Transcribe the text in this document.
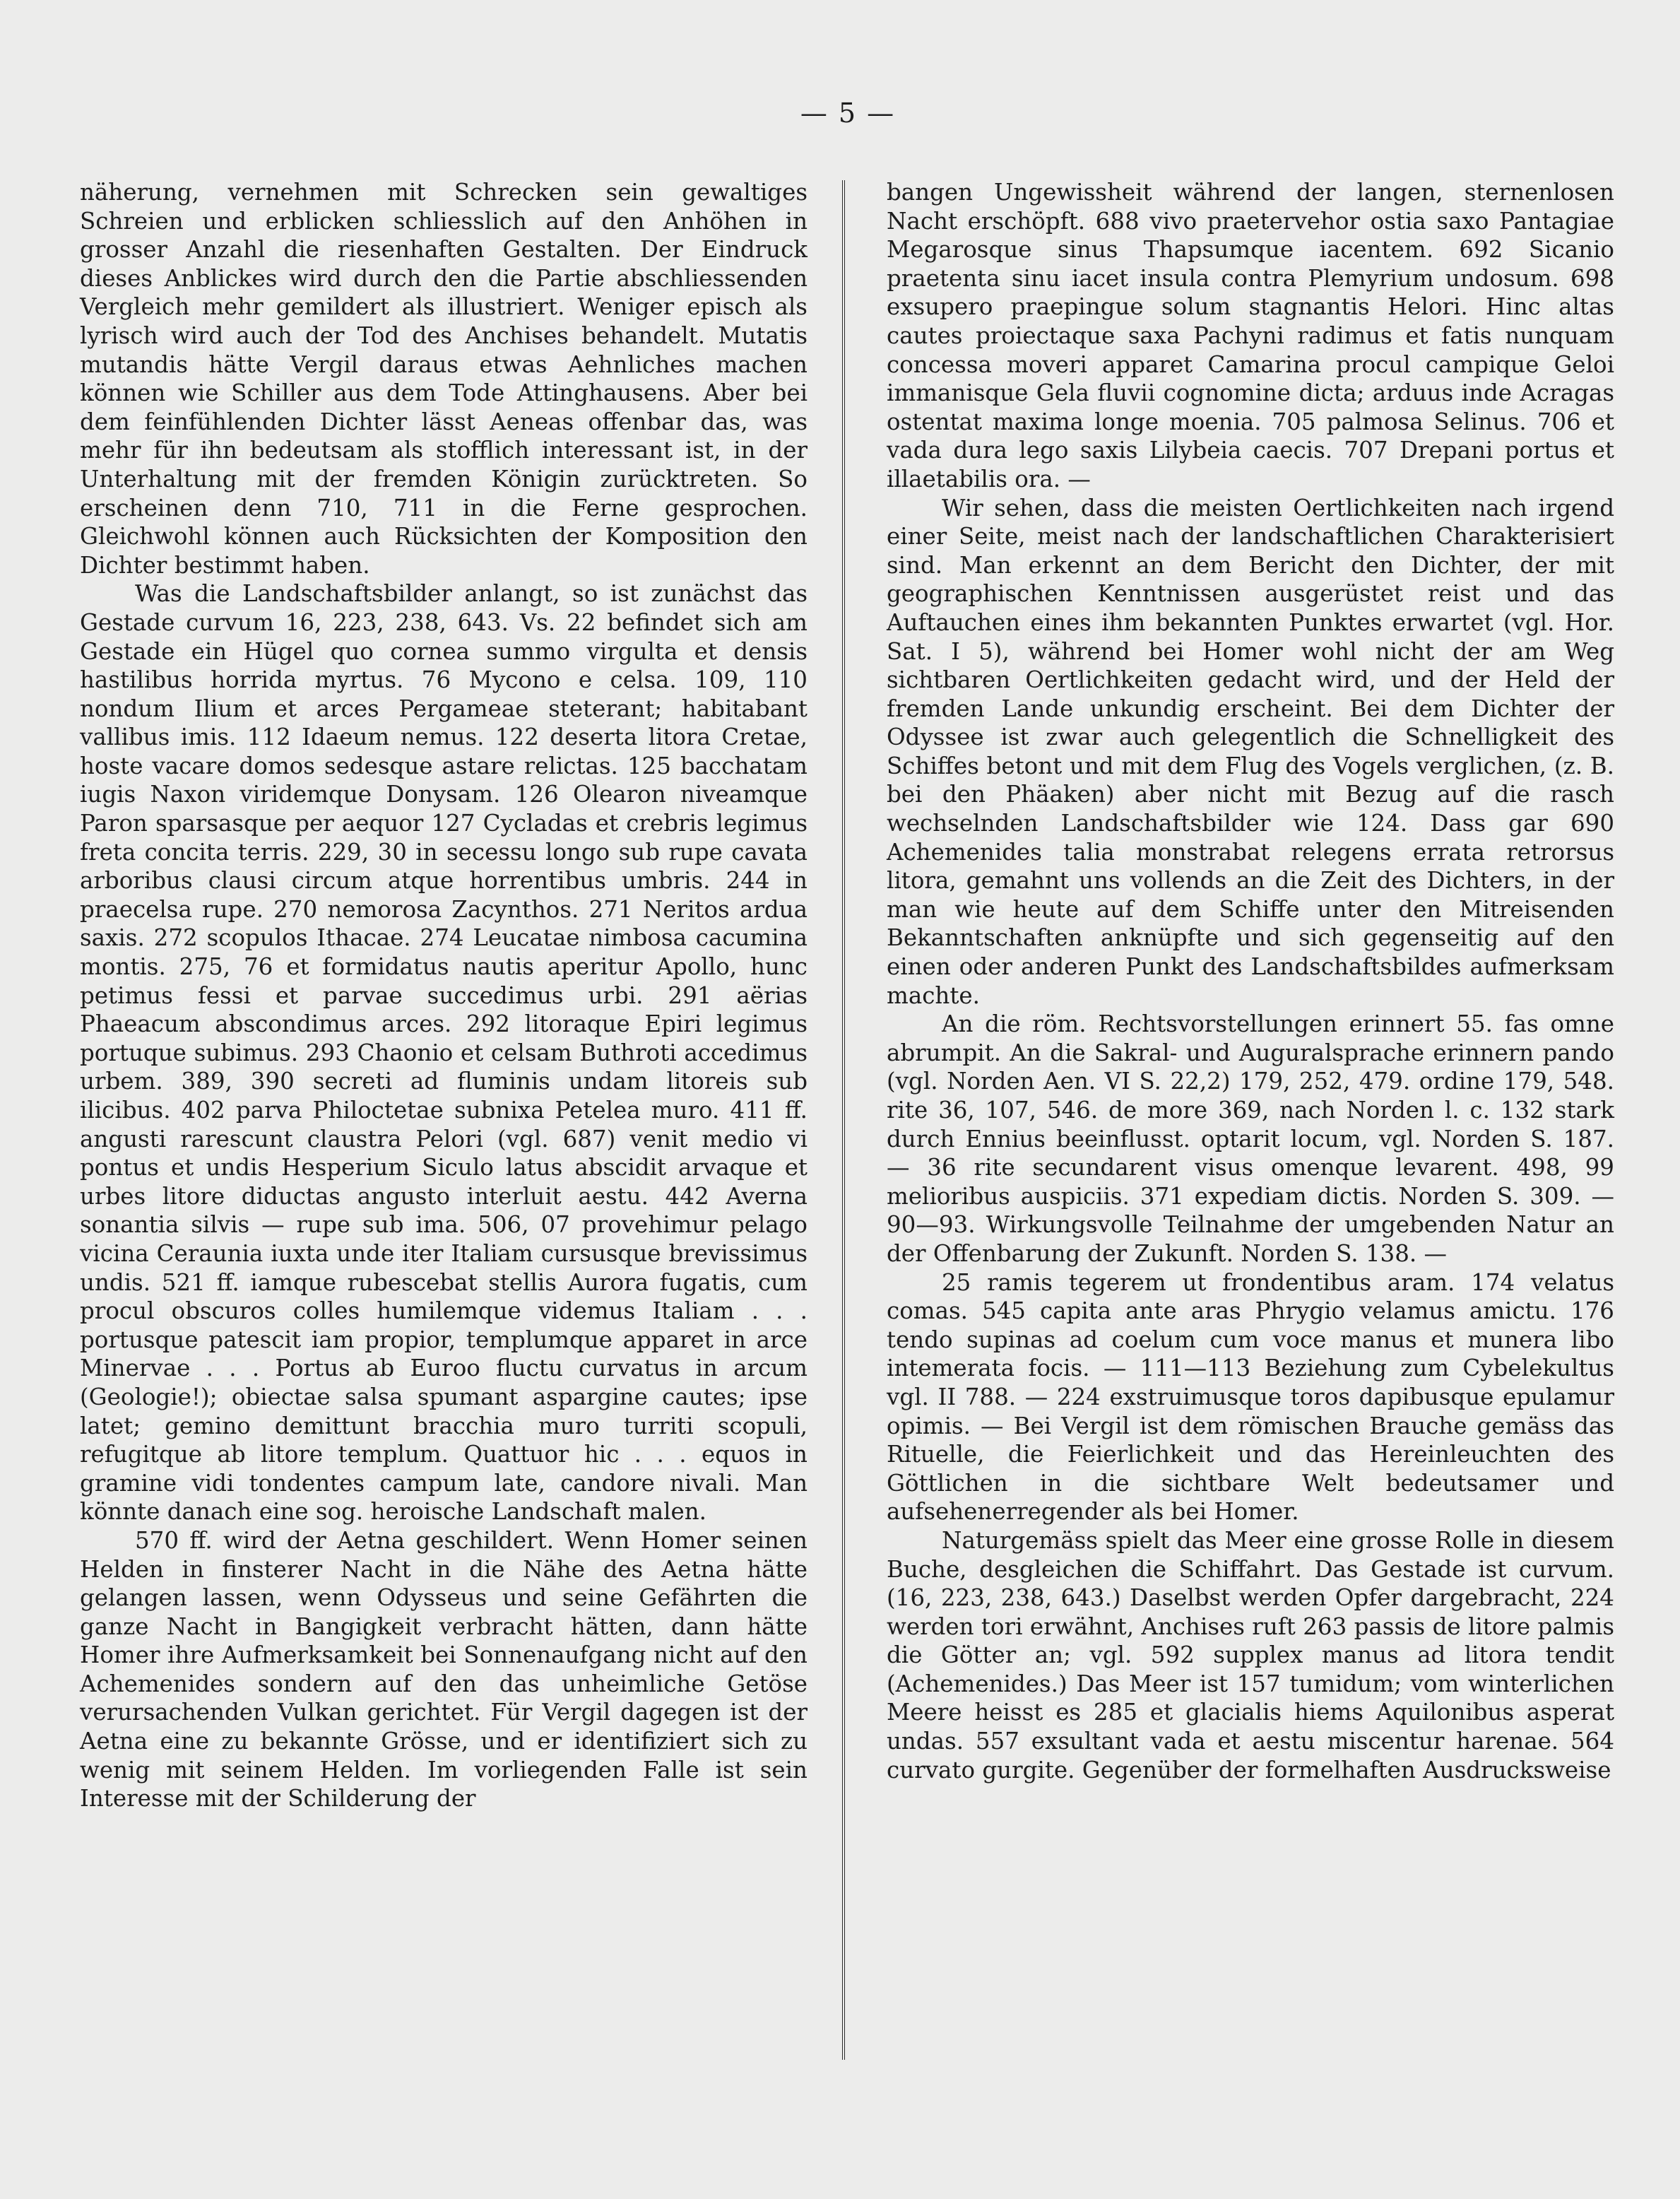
— 5 —

näherung, vernehmen mit Schrecken sein gewaltiges Schreien und erblicken schliesslich auf den Anhöhen in grosser Anzahl die riesenhaften Gestalten. Der Eindruck dieses Anblickes wird durch den die Partie abschliessenden Vergleich mehr gemildert als illustriert. Weniger episch als lyrisch wird auch der Tod des Anchises behandelt. Mutatis mutandis hätte Vergil daraus etwas Aehnliches machen können wie Schiller aus dem Tode Attinghausens. Aber bei dem feinfühlenden Dichter lässt Aeneas offenbar das, was mehr für ihn bedeutsam als stofflich interessant ist, in der Unterhaltung mit der fremden Königin zurücktreten. So erscheinen denn 710, 711 in die Ferne gesprochen. Gleichwohl können auch Rücksichten der Komposition den Dichter bestimmt haben.

Was die Landschaftsbilder anlangt, so ist zunächst das Gestade curvum 16, 223, 238, 643. Vs. 22 befindet sich am Gestade ein Hügel quo cornea summo virgulta et densis hastilibus horrida myrtus. 76 Mycono e celsa. 109, 110 nondum Ilium et arces Pergameae steterant; habitabant vallibus imis. 112 Idaeum nemus. 122 deserta litora Cretae, hoste vacare domos sedesque astare relictas. 125 bacchatam iugis Naxon viridemque Donysam. 126 Olearon niveamque Paron sparsasque per aequor 127 Cycladas et crebris legimus freta concita terris. 229, 30 in secessu longo sub rupe cavata arboribus clausi circum atque horrentibus umbris. 244 in praecelsa rupe. 270 nemorosa Zacynthos. 271 Neritos ardua saxis. 272 scopulos Ithacae. 274 Leucatae nimbosa cacumina montis. 275, 76 et formidatus nautis aperitur Apollo, hunc petimus fessi et parvae succedimus urbi. 291 aërias Phaeacum abscondimus arces. 292 litoraque Epiri legimus portuque subimus. 293 Chaonio et celsam Buthroti accedimus urbem. 389, 390 secreti ad fluminis undam litoreis sub ilicibus. 402 parva Philoctetae subnixa Petelea muro. 411 ff. angusti rarescunt claustra Pelori (vgl. 687) venit medio vi pontus et undis Hesperium Siculo latus abscidit arvaque et urbes litore diductas angusto interluit aestu. 442 Averna sonantia silvis — rupe sub ima. 506, 07 provehimur pelago vicina Ceraunia iuxta unde iter Italiam cursusque brevissimus undis. 521 ff. iamque rubescebat stellis Aurora fugatis, cum procul obscuros colles humilemque videmus Italiam . . . portusque patescit iam propior, templumque apparet in arce Minervae . . . Portus ab Euroo fluctu curvatus in arcum (Geologie!); obiectae salsa spumant aspargine cautes; ipse latet; gemino demittunt bracchia muro turriti scopuli, refugitque ab litore templum. Quattuor hic . . . equos in gramine vidi tondentes campum late, candore nivali. Man könnte danach eine sog. heroische Landschaft malen.

570 ff. wird der Aetna geschildert. Wenn Homer seinen Helden in finsterer Nacht in die Nähe des Aetna hätte gelangen lassen, wenn Odysseus und seine Gefährten die ganze Nacht in Bangigkeit verbracht hätten, dann hätte Homer ihre Aufmerksamkeit bei Sonnenaufgang nicht auf den Achemenides sondern auf den das unheimliche Getöse verursachenden Vulkan gerichtet. Für Vergil dagegen ist der Aetna eine zu bekannte Grösse, und er identifiziert sich zu wenig mit seinem Helden. Im vorliegenden Falle ist sein Interesse mit der Schilderung der

bangen Ungewissheit während der langen, sternenlosen Nacht erschöpft. 688 vivo praetervehor ostia saxo Pantagiae Megarosque sinus Thapsumque iacentem. 692 Sicanio praetenta sinu iacet insula contra Plemyrium undosum. 698 exsupero praepingue solum stagnantis Helori. Hinc altas cautes proiectaque saxa Pachyni radimus et fatis nunquam concessa moveri apparet Camarina procul campique Geloi immanisque Gela fluvii cognomine dicta; arduus inde Acragas ostentat maxima longe moenia. 705 palmosa Selinus. 706 et vada dura lego saxis Lilybeia caecis. 707 Drepani portus et illaetabilis ora. —

Wir sehen, dass die meisten Oertlichkeiten nach irgend einer Seite, meist nach der landschaftlichen Charakterisiert sind. Man erkennt an dem Bericht den Dichter, der mit geographischen Kenntnissen ausgerüstet reist und das Auftauchen eines ihm bekannten Punktes erwartet (vgl. Hor. Sat. I 5), während bei Homer wohl nicht der am Weg sichtbaren Oertlichkeiten gedacht wird, und der Held der fremden Lande unkundig erscheint. Bei dem Dichter der Odyssee ist zwar auch gelegentlich die Schnelligkeit des Schiffes betont und mit dem Flug des Vogels verglichen, (z. B. bei den Phäaken) aber nicht mit Bezug auf die rasch wechselnden Landschaftsbilder wie 124. Dass gar 690 Achemenides talia monstrabat relegens errata retrorsus litora, gemahnt uns vollends an die Zeit des Dichters, in der man wie heute auf dem Schiffe unter den Mitreisenden Bekanntschaften anknüpfte und sich gegenseitig auf den einen oder anderen Punkt des Landschaftsbildes aufmerksam machte.

An die röm. Rechtsvorstellungen erinnert 55. fas omne abrumpit. An die Sakral- und Auguralsprache erinnern pando (vgl. Norden Aen. VI S. 22,2) 179, 252, 479. ordine 179, 548. rite 36, 107, 546. de more 369, nach Norden l. c. 132 stark durch Ennius beeinflusst. optarit locum, vgl. Norden S. 187. — 36 rite secundarent visus omenque levarent. 498, 99 melioribus auspiciis. 371 expediam dictis. Norden S. 309. — 90—93. Wirkungsvolle Teilnahme der umgebenden Natur an der Offenbarung der Zukunft. Norden S. 138. —

25 ramis tegerem ut frondentibus aram. 174 velatus comas. 545 capita ante aras Phrygio velamus amictu. 176 tendo supinas ad coelum cum voce manus et munera libo intemerata focis. — 111—113 Beziehung zum Cybelekultus vgl. II 788. — 224 exstruimusque toros dapibusque epulamur opimis. — Bei Vergil ist dem römischen Brauche gemäss das Rituelle, die Feierlichkeit und das Hereinleuchten des Göttlichen in die sichtbare Welt bedeutsamer und aufsehenerregender als bei Homer.

Naturgemäss spielt das Meer eine grosse Rolle in diesem Buche, desgleichen die Schiffahrt. Das Gestade ist curvum. (16, 223, 238, 643.) Daselbst werden Opfer dargebracht, 224 werden tori erwähnt, Anchises ruft 263 passis de litore palmis die Götter an; vgl. 592 supplex manus ad litora tendit (Achemenides.) Das Meer ist 157 tumidum; vom winterlichen Meere heisst es 285 et glacialis hiems Aquilonibus asperat undas. 557 exsultant vada et aestu miscentur harenae. 564 curvato gurgite. Gegenüber der formelhaften Ausdrucksweise
